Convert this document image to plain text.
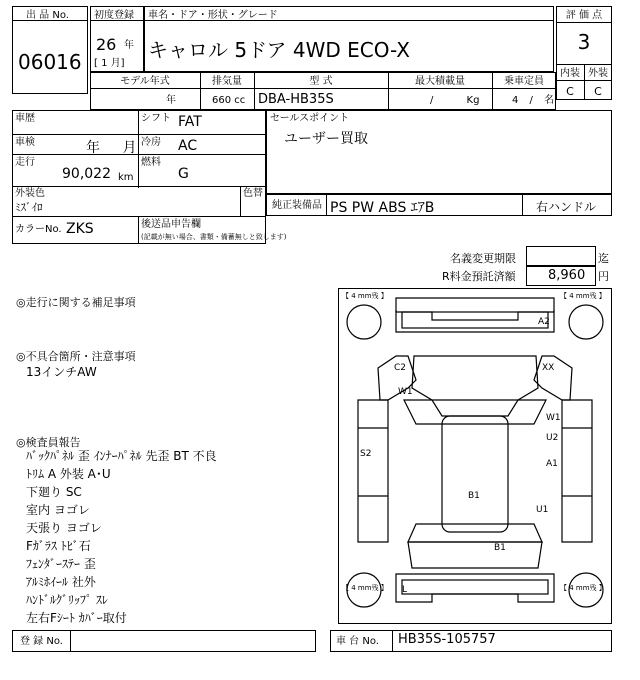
出 品 No.
06016
初度登録
26 年
[ 1 月]
車名・ドア・形状・グレード
キャロル 5ドア 4WD ECO-X
評 価 点
3
内装 外装
C	C
モデル年式	排気量	型 式	最大積載量	乗車定員
年	660 cc DBA-HB35S	/ Kg	4 / 名
車歴	シフト FAT
車検	年 月 冷房 AC
走行
90,022 km
燃料
G
外装色
ﾐｽﾞｲﾛ
色替
カラーNo. ZKS	後送品申告欄
(記載が無い場合、書類・備蓄無しと致します)
セールスポイント
ユーザー買取
純正装備品 PS PW ABS ｴｱB	右ハンドル
名義変更期限	迄
R料金預託済額 8,960 円
◎走行に関する補足事項
◎不具合箇所・注意事項
13インチAW
◎検査員報告
ﾊﾞｯｸﾊﾟﾈﾙ 歪 ｲﾝﾅｰﾊﾟﾈﾙ 先歪 BT 不良
ﾄﾘﾑ A 外装 A･U
下廻り SC
室内 ヨゴレ
天張り ヨゴレ
Fｶﾞﾗｽ ﾄﾋﾞ石
ﾌｪﾝﾀﾞｰｽﾃｰ 歪
ｱﾙﾐﾎｲｰﾙ 社外
ﾊﾝﾄﾞﾙｸﾞﾘｯﾌﾟ ｽﾚ
左右Fｼｰﾄ ｶﾊﾞｰ取付
A2
C2
W1
XX
S2
W1
U2
A1
B1
U1
B1
L
【 4 mm残 】	【 4 mm残 】
【 4 mm残 】	【 4 mm残 】
登 録 No.	車 台 No. HB35S-105757
